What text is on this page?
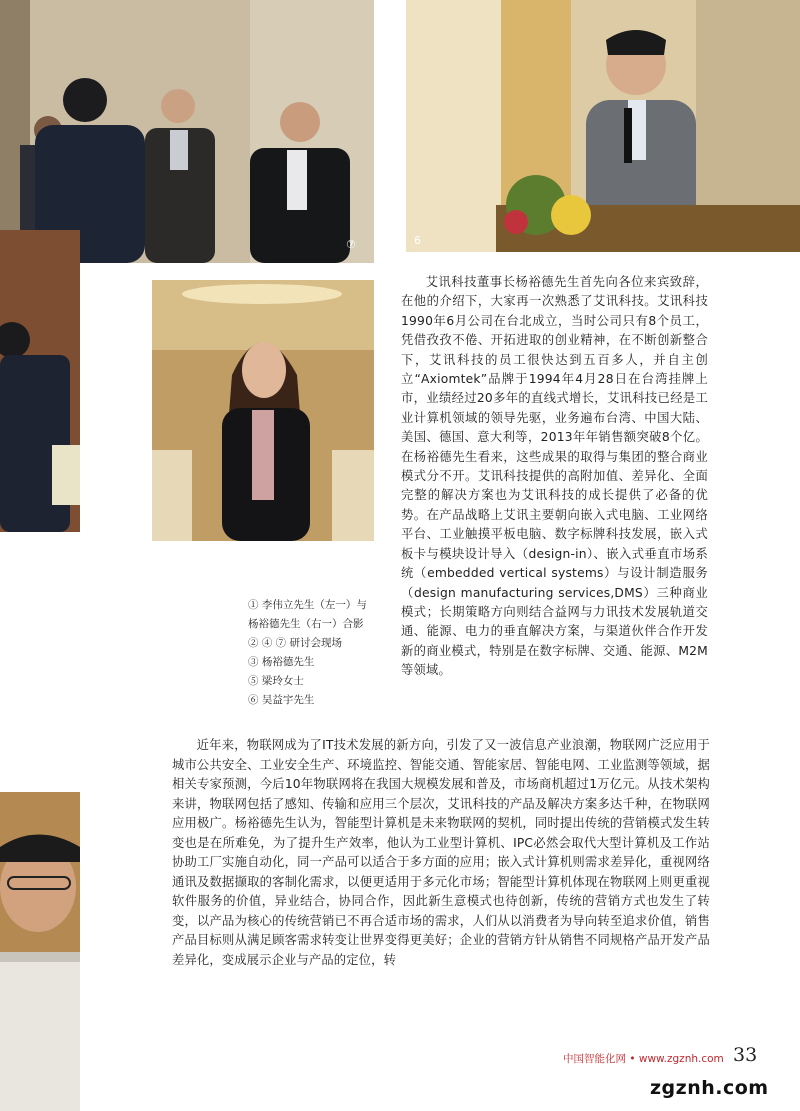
⑦	6
① 李伟立先生（左一）与
杨裕德先生（右一）合影
② ④ ⑦ 研讨会现场
③ 杨裕德先生
⑤ 梁玲女士
⑥ 吴益宇先生

艾讯科技董事长杨裕德先生首先向各位来宾致辞，在他的介绍下，大家再一次熟悉了艾讯科技。艾讯科技1990年6月公司在台北成立，当时公司只有8个员工，凭借孜孜不倦、开拓进取的创业精神，在不断创新整合下，艾讯科技的员工很快达到五百多人，并自主创立“Axiomtek”品牌于1994年4月28日在台湾挂牌上市，业绩经过20多年的直线式增长，艾讯科技已经是工业计算机领域的领导先驱，业务遍布台湾、中国大陆、美国、德国、意大利等，2013年年销售额突破8个亿。在杨裕德先生看来，这些成果的取得与集团的整合商业模式分不开。艾讯科技提供的高附加值、差异化、全面完整的解决方案也为艾讯科技的成长提供了必备的优势。在产品战略上艾讯主要朝向嵌入式电脑、工业网络平台、工业触摸平板电脑、数字标牌科技发展，嵌入式板卡与模块设计导入（design-in）、嵌入式垂直市场系统（embedded vertical systems）与设计制造服务（design manufacturing services,DMS）三种商业模式；长期策略方向则结合益网与力讯技术发展轨道交通、能源、电力的垂直解决方案，与渠道伙伴合作开发新的商业模式，特别是在数字标牌、交通、能源、M2M等领域。

近年来，物联网成为了IT技术发展的新方向，引发了又一波信息产业浪潮，物联网广泛应用于城市公共安全、工业安全生产、环境监控、智能交通、智能家居、智能电网、工业监测等领域，据相关专家预测，今后10年物联网将在我国大规模发展和普及，市场商机超过1万亿元。从技术架构来讲，物联网包括了感知、传输和应用三个层次，艾讯科技的产品及解决方案多达千种，在物联网应用极广。杨裕德先生认为，智能型计算机是未来物联网的契机，同时提出传统的营销模式发生转变也是在所难免，为了提升生产效率，他认为工业型计算机、IPC必然会取代大型计算机及工作站协助工厂实施自动化，同一产品可以适合于多方面的应用；嵌入式计算机则需求差异化，重视网络通讯及数据撷取的客制化需求，以便更适用于多元化市场；智能型计算机体现在物联网上则更重视软件服务的价值，异业结合，协同合作，因此新生意模式也待创新，传统的营销方式也发生了转变，以产品为核心的传统营销已不再合适市场的需求，人们从以消费者为导向转至追求价值，销售产品目标则从满足顾客需求转变让世界变得更美好；企业的营销方针从销售不同规格产品开发产品差异化，变成展示企业与产品的定位，转

中国智能化网 • www.zgznh.com 33
zgznh.com
